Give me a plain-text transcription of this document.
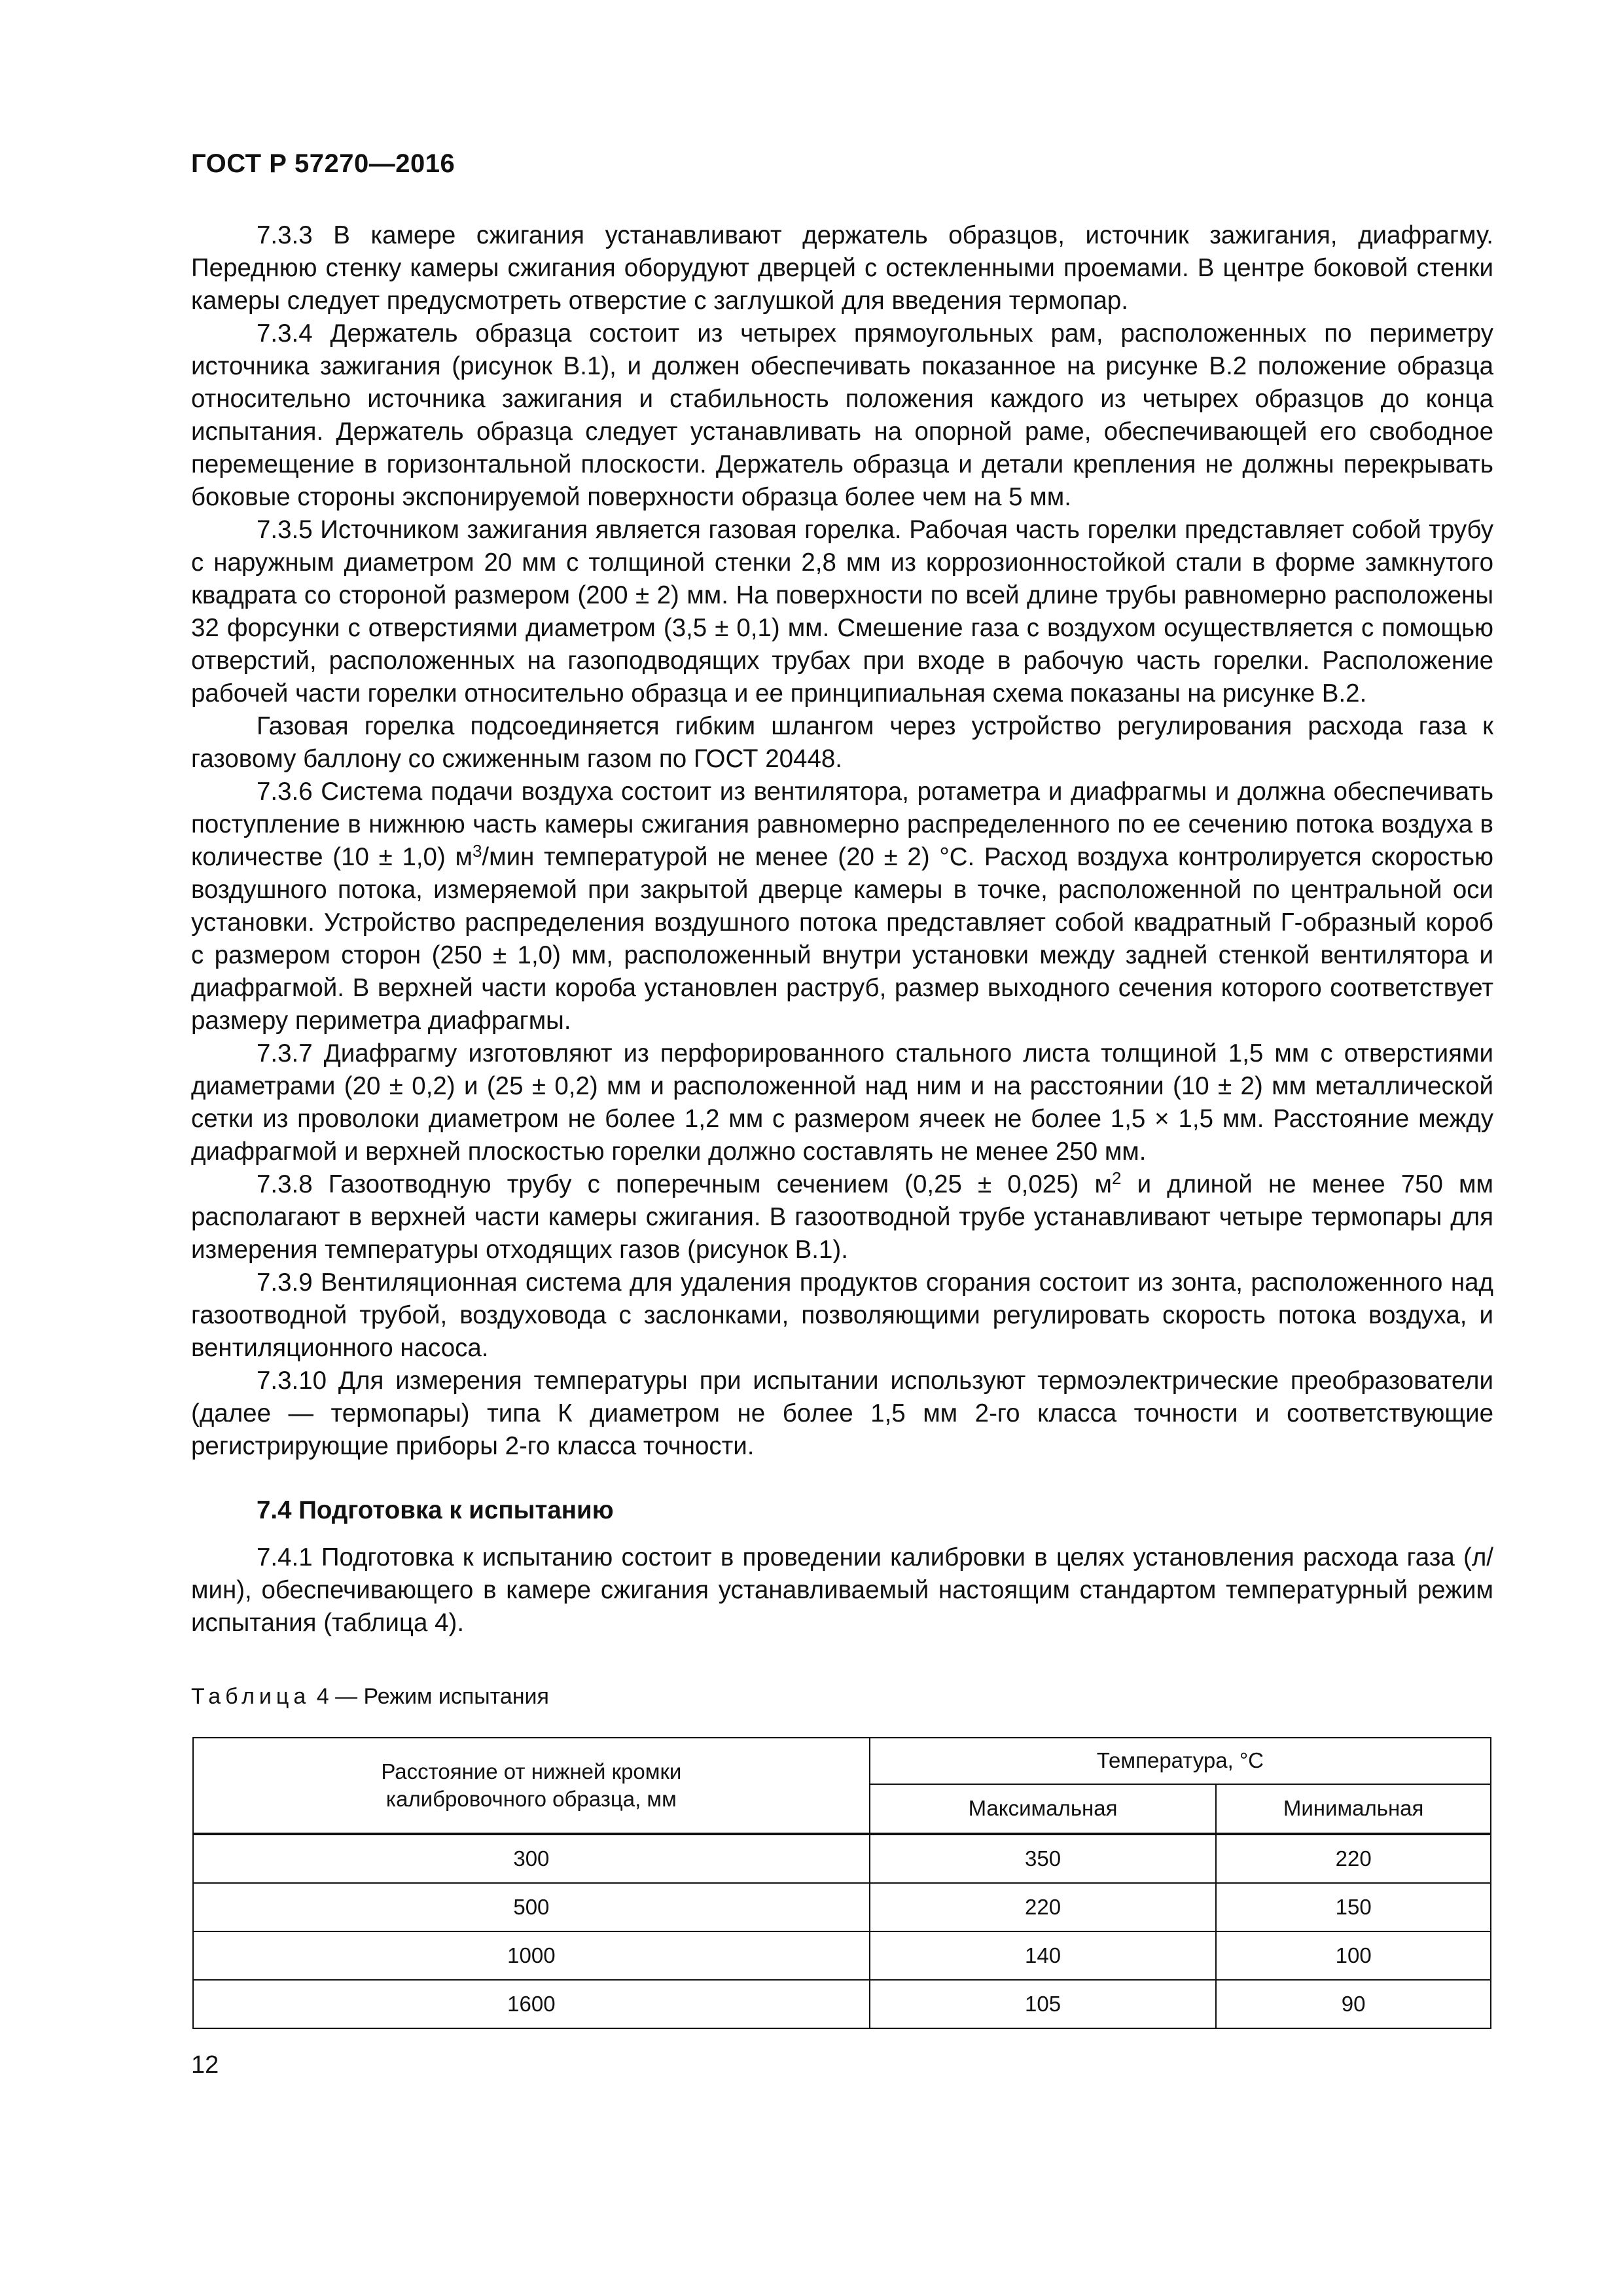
ГОСТ Р 57270—2016

7.3.3 В камере сжигания устанавливают держатель образцов, источник зажигания, диафрагму. Переднюю стенку камеры сжигания оборудуют дверцей с остекленными проемами. В центре боковой стенки камеры следует предусмотреть отверстие с заглушкой для введения термопар.

7.3.4 Держатель образца состоит из четырех прямоугольных рам, расположенных по периметру источника зажигания (рисунок В.1), и должен обеспечивать показанное на рисунке В.2 положение образца относительно источника зажигания и стабильность положения каждого из четырех образцов до конца испытания. Держатель образца следует устанавливать на опорной раме, обеспечивающей его свободное перемещение в горизонтальной плоскости. Держатель образца и детали крепления не должны перекрывать боковые стороны экспонируемой поверхности образца более чем на 5 мм.

7.3.5 Источником зажигания является газовая горелка. Рабочая часть горелки представляет собой трубу с наружным диаметром 20 мм с толщиной стенки 2,8 мм из коррозионностойкой стали в форме замкнутого квадрата со стороной размером (200 ± 2) мм. На поверхности по всей длине трубы равномерно расположены 32 форсунки с отверстиями диаметром (3,5 ± 0,1) мм. Смешение газа с воздухом осуществляется с помощью отверстий, расположенных на газоподводящих трубах при входе в рабочую часть горелки. Расположение рабочей части горелки относительно образца и ее принципиальная схема показаны на рисунке В.2.

Газовая горелка подсоединяется гибким шлангом через устройство регулирования расхода газа к газовому баллону со сжиженным газом по ГОСТ 20448.

7.3.6 Система подачи воздуха состоит из вентилятора, ротаметра и диафрагмы и должна обеспечивать поступление в нижнюю часть камеры сжигания равномерно распределенного по ее сечению потока воздуха в количестве (10 ± 1,0) $м^3$/мин температурой не менее (20 ± 2) °С. Расход воздуха контролируется скоростью воздушного потока, измеряемой при закрытой дверце камеры в точке, расположенной по центральной оси установки. Устройство распределения воздушного потока представляет собой квадратный Г-образный короб с размером сторон (250 ± 1,0) мм, расположенный внутри установки между задней стенкой вентилятора и диафрагмой. В верхней части короба установлен раструб, размер выходного сечения которого соответствует размеру периметра диафрагмы.

7.3.7 Диафрагму изготовляют из перфорированного стального листа толщиной 1,5 мм с отверстиями диаметрами (20 ± 0,2) и (25 ± 0,2) мм и расположенной над ним и на расстоянии (10 ± 2) мм металлической сетки из проволоки диаметром не более 1,2 мм с размером ячеек не более 1,5 × 1,5 мм. Расстояние между диафрагмой и верхней плоскостью горелки должно составлять не менее 250 мм.

7.3.8 Газоотводную трубу с поперечным сечением (0,25 ± 0,025) $м^2$ и длиной не менее 750 мм располагают в верхней части камеры сжигания. В газоотводной трубе устанавливают четыре термопары для измерения температуры отходящих газов (рисунок В.1).

7.3.9 Вентиляционная система для удаления продуктов сгорания состоит из зонта, расположенного над газоотводной трубой, воздуховода с заслонками, позволяющими регулировать скорость потока воздуха, и вентиляционного насоса.

7.3.10 Для измерения температуры при испытании используют термоэлектрические преобразователи (далее — термопары) типа К диаметром не более 1,5 мм 2-го класса точности и соответствующие регистрирующие приборы 2-го класса точности.

7.4 Подготовка к испытанию

7.4.1 Подготовка к испытанию состоит в проведении калибровки в целях установления расхода газа (л/мин), обеспечивающего в камере сжигания устанавливаемый настоящим стандартом температурный режим испытания (таблица 4).

Таблица 4 — Режим испытания
Расстояние от нижней кромки
калибровочного образца, мм	Температура, °С	
	Максимальная	Минимальная
300	350	220
500	220	150
1000	140	100
1600	105	90
12
